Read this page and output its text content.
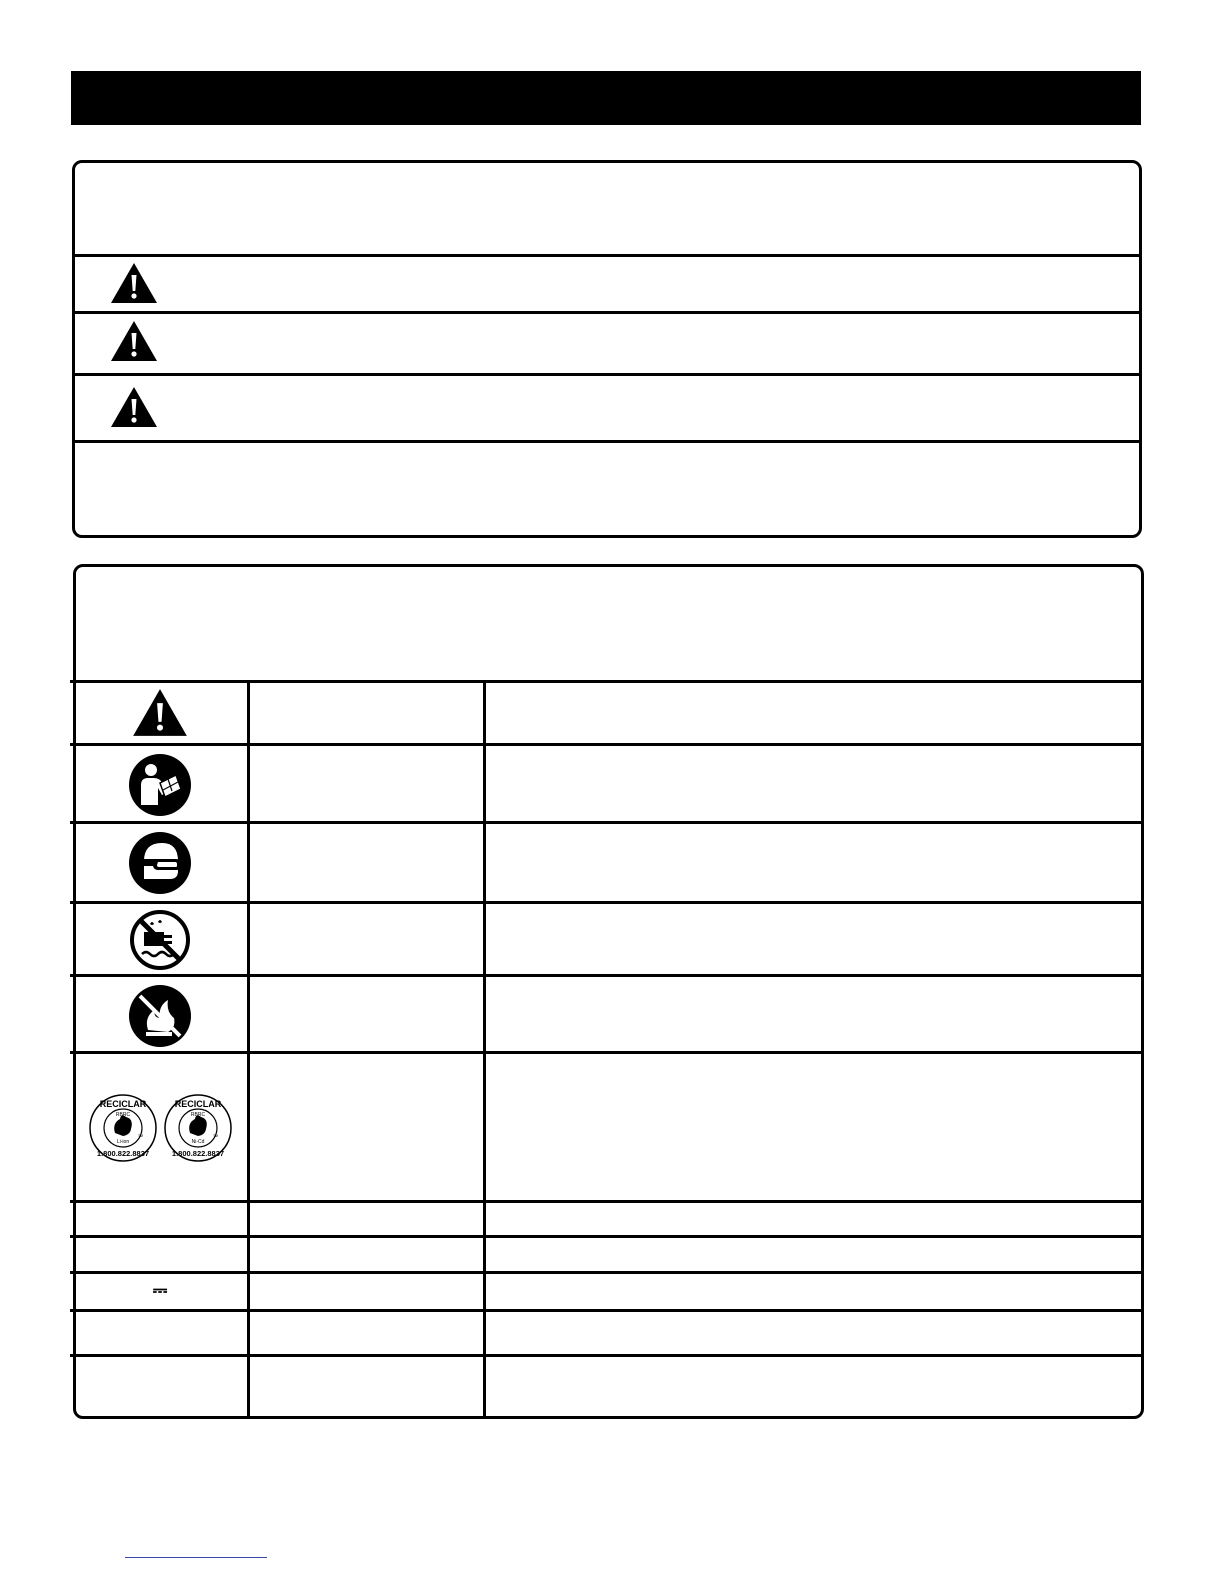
RECICLAR
RBRC
Li-ion
TM
1.800.822.8837
RECICLAR
RBRC
Ni-Cd
TM
1.800.822.8837
⎓
